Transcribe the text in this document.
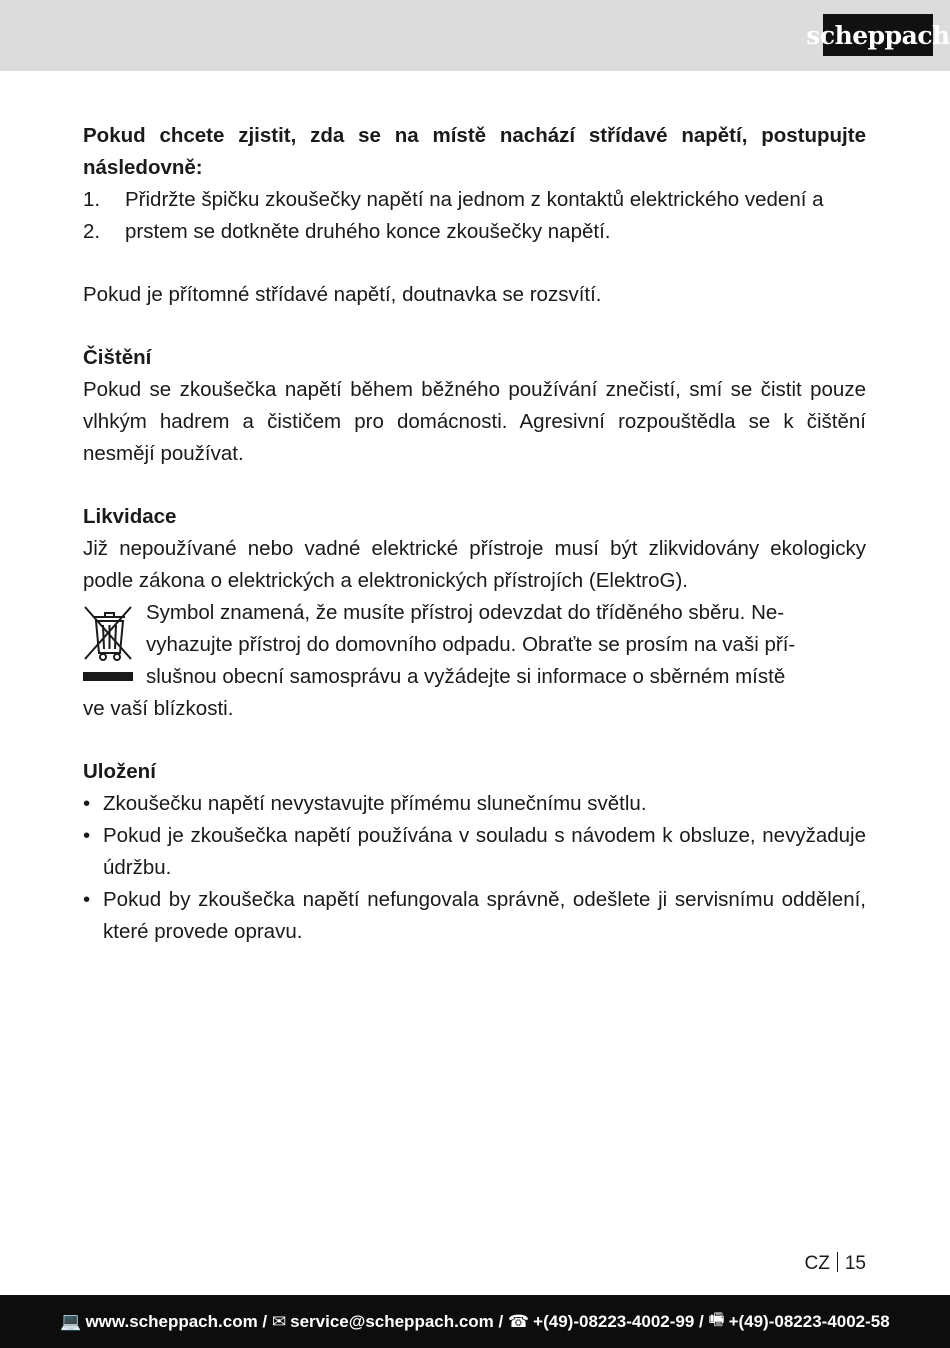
scheppach

Pokud chcete zjistit, zda se na místě nachází střídavé napětí, postupujte následovně:

1.	Přidržte špičku zkoušečky napětí na jednom z kontaktů elektrického vedení a
2.	prstem se dotkněte druhého konce zkoušečky napětí.

Pokud je přítomné střídavé napětí, doutnavka se rozsvítí.

Čištění

Pokud se zkoušečka napětí během běžného používání znečistí, smí se čistit pouze vlhkým hadrem a čističem pro domácnosti. Agresivní rozpouštědla se k čištění nesmějí používat.

Likvidace

Již nepoužívané nebo vadné elektrické přístroje musí být zlikvidovány ekologicky podle zákona o elektrických a elektronických přístrojích (ElektroG).

Symbol znamená, že musíte přístroj odevzdat do tříděného sběru. Ne-
vyhazujte přístroj do domovního odpadu. Obraťte se prosím na vaši pří-
slušnou obecní samosprávu a vyžádejte si informace o sběrném místě
ve vaší blízkosti.

Uložení

• Zkoušečku napětí nevystavujte přímému slunečnímu světlu.
• Pokud je zkoušečka napětí používána v souladu s návodem k obsluze, nevyžaduje údržbu.
• Pokud by zkoušečka napětí nefungovala správně, odešlete ji servisnímu oddělení, které provede opravu.
CZ 15
💻 www.scheppach.com / ✉ service@scheppach.com / ☎ +(49)-08223-4002-99 / 🖷 +(49)-08223-4002-58
